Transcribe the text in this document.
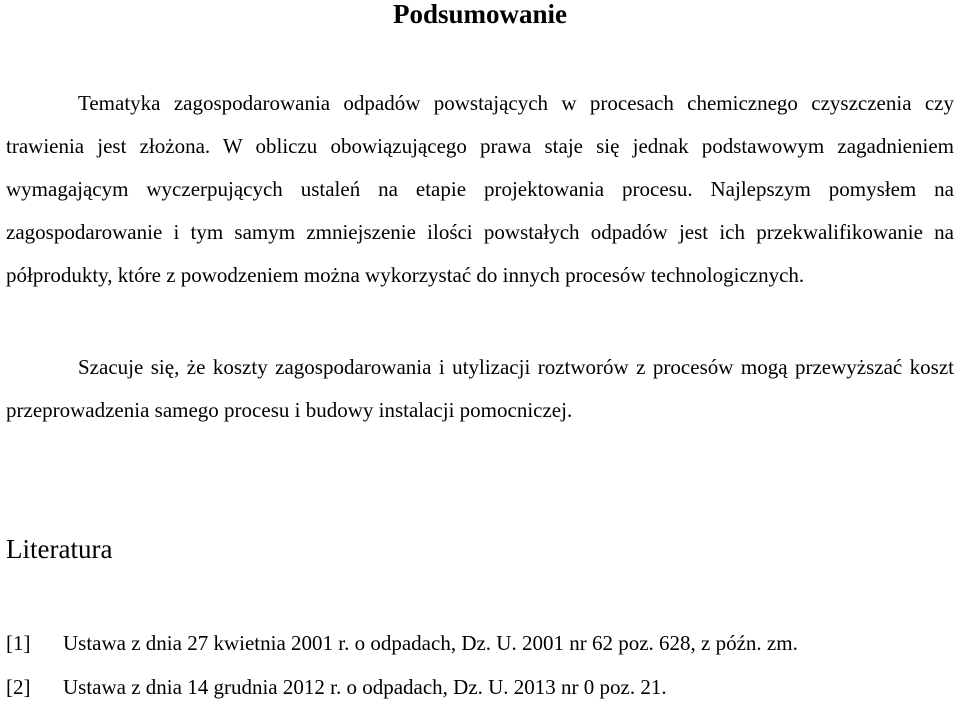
Podsumowanie

Tematyka zagospodarowania odpadów powstających w procesach chemicznego czyszczenia czy trawienia jest złożona. W obliczu obowiązującego prawa staje się jednak podstawowym zagadnieniem wymagającym wyczerpujących ustaleń na etapie projektowania procesu. Najlepszym pomysłem na zagospodarowanie i tym samym zmniejszenie ilości powstałych odpadów jest ich przekwalifikowanie na półprodukty, które z powodzeniem można wykorzystać do innych procesów technologicznych.

Szacuje się, że koszty zagospodarowania i utylizacji roztworów z procesów mogą przewyższać koszt przeprowadzenia samego procesu i budowy instalacji pomocniczej.

Literatura
[1] Ustawa z dnia 27 kwietnia 2001 r. o odpadach, Dz. U. 2001 nr 62 poz. 628, z późn. zm.
[2] Ustawa z dnia 14 grudnia 2012 r. o odpadach, Dz. U. 2013 nr 0 poz. 21.
